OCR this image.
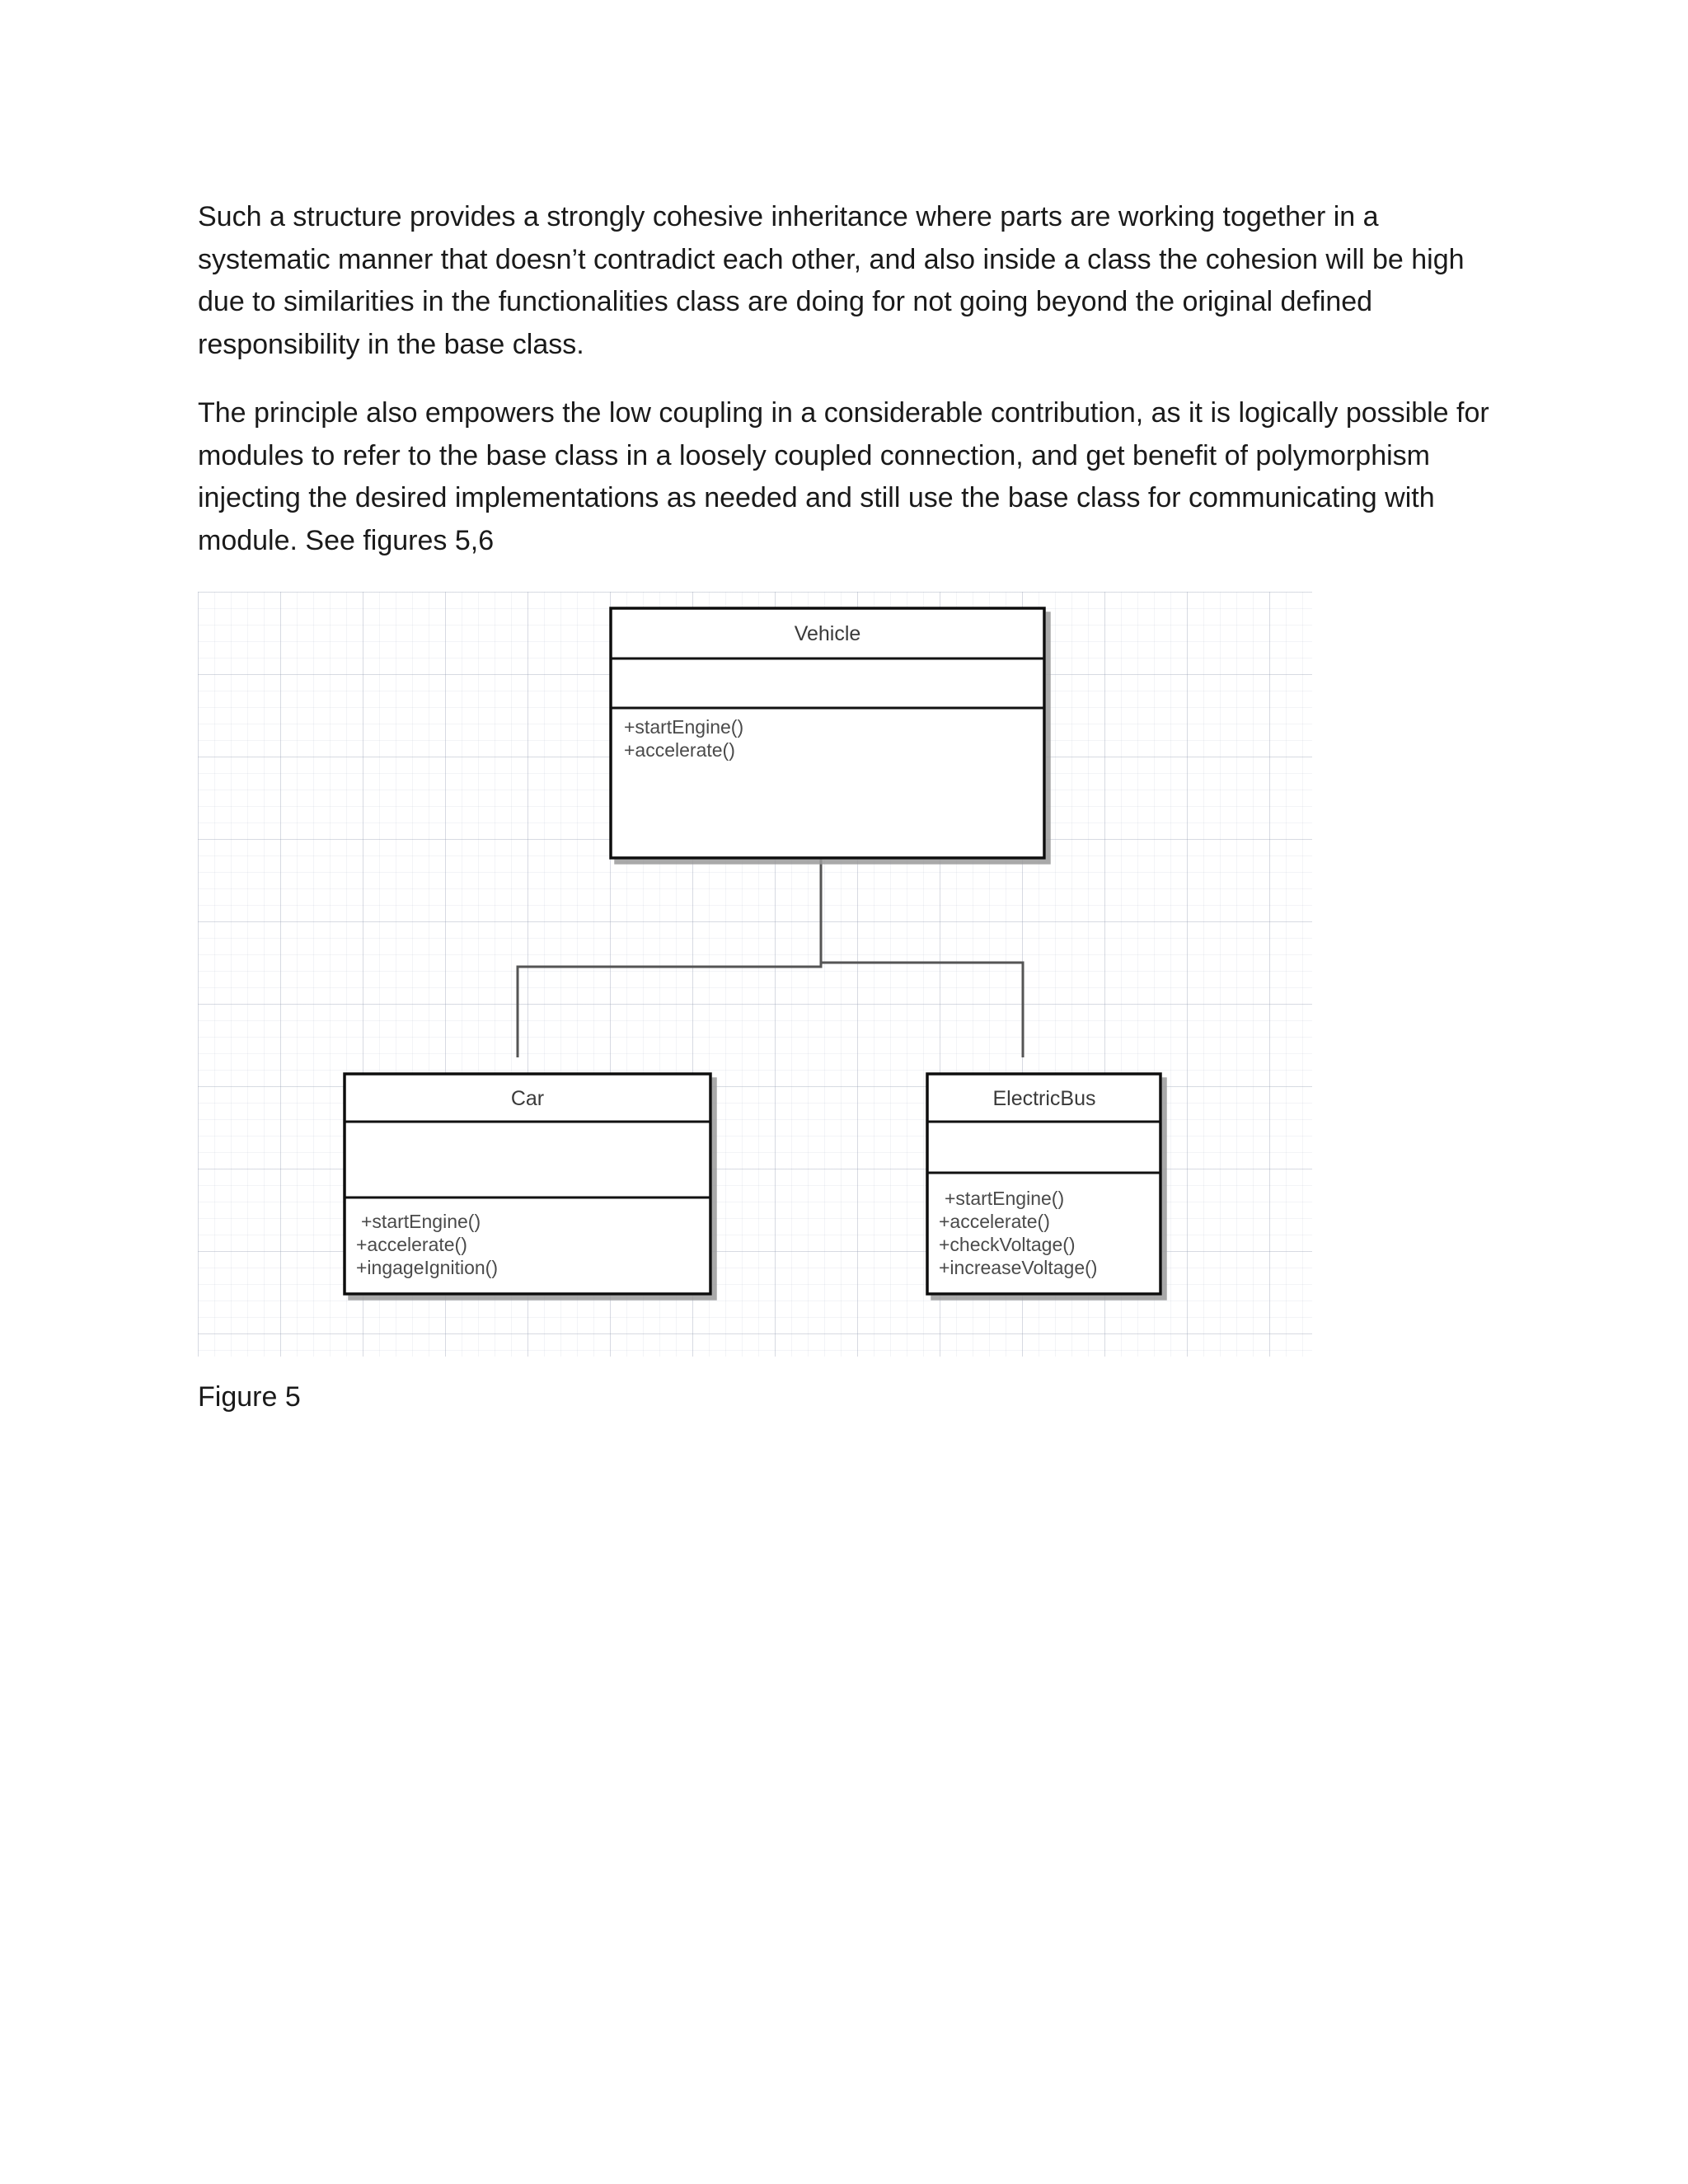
Such a structure provides a strongly cohesive inheritance where parts are working together in a systematic manner that doesn’t contradict each other, and also inside a class the cohesion will be high due to similarities in the functionalities class are doing for not going beyond the original defined responsibility in the base class.

The principle also empowers the low coupling in a considerable contribution, as it is logically possible for modules to refer to the base class in a loosely coupled connection, and get benefit of polymorphism injecting the desired implementations as needed and still use the base class for communicating with module. See figures 5,6

Vehicle
+startEngine()
+accelerate()
Car
+startEngine()
+accelerate()
+ingageIgnition()
ElectricBus
+startEngine()
+accelerate()
+checkVoltage()
+increaseVoltage()

Figure 5
